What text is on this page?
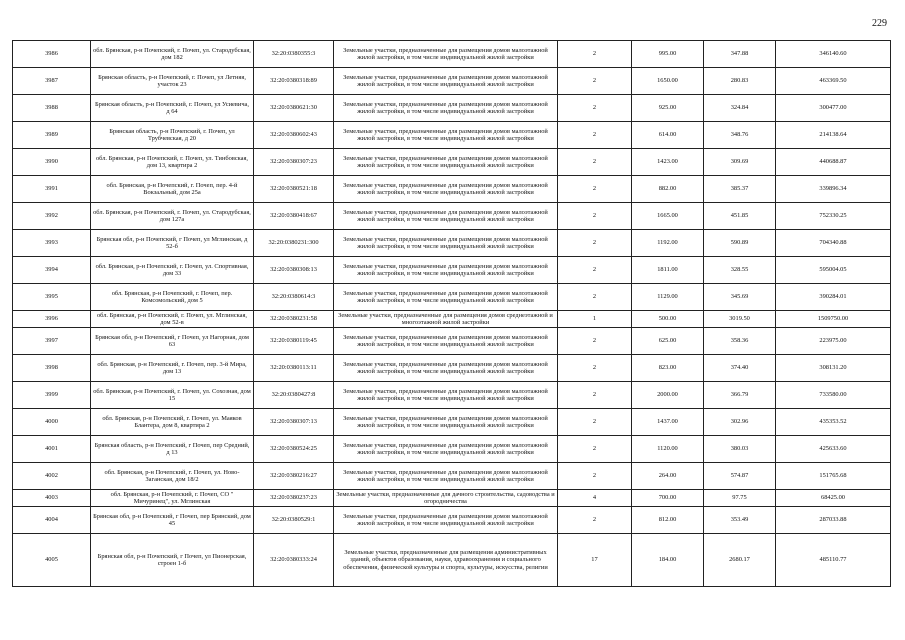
229
3986	обл. Брянская, р-н Почепский, г. Почеп, ул. Стародубская, дом 182	32:20:0380355:3	Земельные участки, предназначенные для размещения домов малоэтажной жилой застройки, в том числе индивидуальной жилой застройки	2	995.00	347.88	346140.60
3987	Брянская область, р-н Почепский, г. Почеп, ул Летняя, участок 23	32:20:0380318:89	Земельные участки, предназначенные для размещения домов малоэтажной жилой застройки, в том числе индивидуальной жилой застройки	2	1650.00	280.83	463369.50
3988	Брянская область, р-н Почепский, г. Почеп, ул Усиевича, д 64	32:20:0380621:30	Земельные участки, предназначенные для размещения домов малоэтажной жилой застройки, в том числе индивидуальной жилой застройки	2	925.00	324.84	300477.00
3989	Брянская область, р-н Почепский, г. Почеп, ул Трубчевская, д 20	32:20:0380602:43	Земельные участки, предназначенные для размещения домов малоэтажной жилой застройки, в том числе индивидуальной жилой застройки	2	614.00	348.76	214138.64
3990	обл. Брянская, р-н Почепский, г. Почеп, ул. Тинбовская, дом 13, квартира 2	32:20:0380307:23	Земельные участки, предназначенные для размещения домов малоэтажной жилой застройки, в том числе индивидуальной жилой застройки	2	1423.00	309.69	440688.87
3991	обл. Брянская, р-н Почепский, г. Почеп, пер. 4-й Вокзальный, дом 25а	32:20:0380521:18	Земельные участки, предназначенные для размещения домов малоэтажной жилой застройки, в том числе индивидуальной жилой застройки	2	882.00	385.37	339896.34
3992	обл. Брянская, р-н Почепский, г. Почеп, ул. Стародубская, дом 127а	32:20:0380418:67	Земельные участки, предназначенные для размещения домов малоэтажной жилой застройки, в том числе индивидуальной жилой застройки	2	1665.00	451.85	752330.25
3993	Брянская обл, р-н Почепский, г Почеп, ул Мглинская, д 52-б	32:20:0380231:300	Земельные участки, предназначенные для размещения домов малоэтажной жилой застройки, в том числе индивидуальной жилой застройки	2	1192.00	590.89	704340.88
3994	обл. Брянская, р-н Почепский, г. Почеп, ул. Спортивная, дом 33	32:20:0380308:13	Земельные участки, предназначенные для размещения домов малоэтажной жилой застройки, в том числе индивидуальной жилой застройки	2	1811.00	328.55	595004.05
3995	обл. Брянская, р-н Почепский, г. Почеп, пер. Комсомольский, дом 5	32:20:0380614:3	Земельные участки, предназначенные для размещения домов малоэтажной жилой застройки, в том числе индивидуальной жилой застройки	2	1129.00	345.69	390284.01
3996	обл. Брянская, р-н Почепский, г. Почеп, ул. Мглинская, дом 52-в	32:20:0380231:58	Земельные участки, предназначенные для размещения домов среднеэтажной и многоэтажной жилой застройки	1	500.00	3019.50	1509750.00
3997	Брянская обл, р-н Почепский, г Почеп, ул Нагорная, дом 63	32:20:0380119:45	Земельные участки, предназначенные для размещения домов малоэтажной жилой застройки, в том числе индивидуальной жилой застройки	2	625.00	358.36	223975.00
3998	обл. Брянская, р-н Почепский, г. Почеп, пер. 3-й Мира, дом 13	32:20:0380113:11	Земельные участки, предназначенные для размещения домов малоэтажной жилой застройки, в том числе индивидуальной жилой застройки	2	823.00	374.40	308131.20
3999	обл. Брянская, р-н Почепский, г. Почеп, ул. Сохозная, дом 15	32:20:0380427:8	Земельные участки, предназначенные для размещения домов малоэтажной жилой застройки, в том числе индивидуальной жилой застройки	2	2000.00	366.79	733580.00
4000	обл. Брянская, р-н Почепский, г. Почеп, ул. Маяков Блантера, дом 8, квартира 2	32:20:0380307:13	Земельные участки, предназначенные для размещения домов малоэтажной жилой застройки, в том числе индивидуальной жилой застройки	2	1437.00	302.96	435353.52
4001	Брянская область, р-н Почепский, г Почеп, пер Средний, д 13	32:20:0380524:25	Земельные участки, предназначенные для размещения домов малоэтажной жилой застройки, в том числе индивидуальной жилой застройки	2	1120.00	380.03	425633.60
4002	обл. Брянская, р-н Почепский, г. Почеп, ул. Ново-Заганская, дом 18/2	32:20:0380216:27	Земельные участки, предназначенные для размещения домов малоэтажной жилой застройки, в том числе индивидуальной жилой застройки	2	264.00	574.87	151765.68
4003	обл. Брянская, р-н Почепский, г. Почеп, СО " Мичуринец", ул. Мглинская	32:20:0380237:23	Земельные участки, предназначенные для дачного строительства, садоводства и огородничества	4	700.00	97.75	68425.00
4004	Брянская обл, р-н Почепский, г Почеп, пер Брянский, дом 45	32:20:0380529:1	Земельные участки, предназначенные для размещения домов малоэтажной жилой застройки, в том числе индивидуальной жилой застройки	2	812.00	353.49	287033.88
4005	Брянская обл, р-н Почепский, г Почеп, ул Пионерская, строен 1-б	32:20:0380333:24	Земельные участки, предназначенные для размещения административных зданий, объектов образования, науки, здравоохранения и социального обеспечения, физической культуры и спорта, культуры, искусства, религии	17	184.00	2680.17	485110.77
